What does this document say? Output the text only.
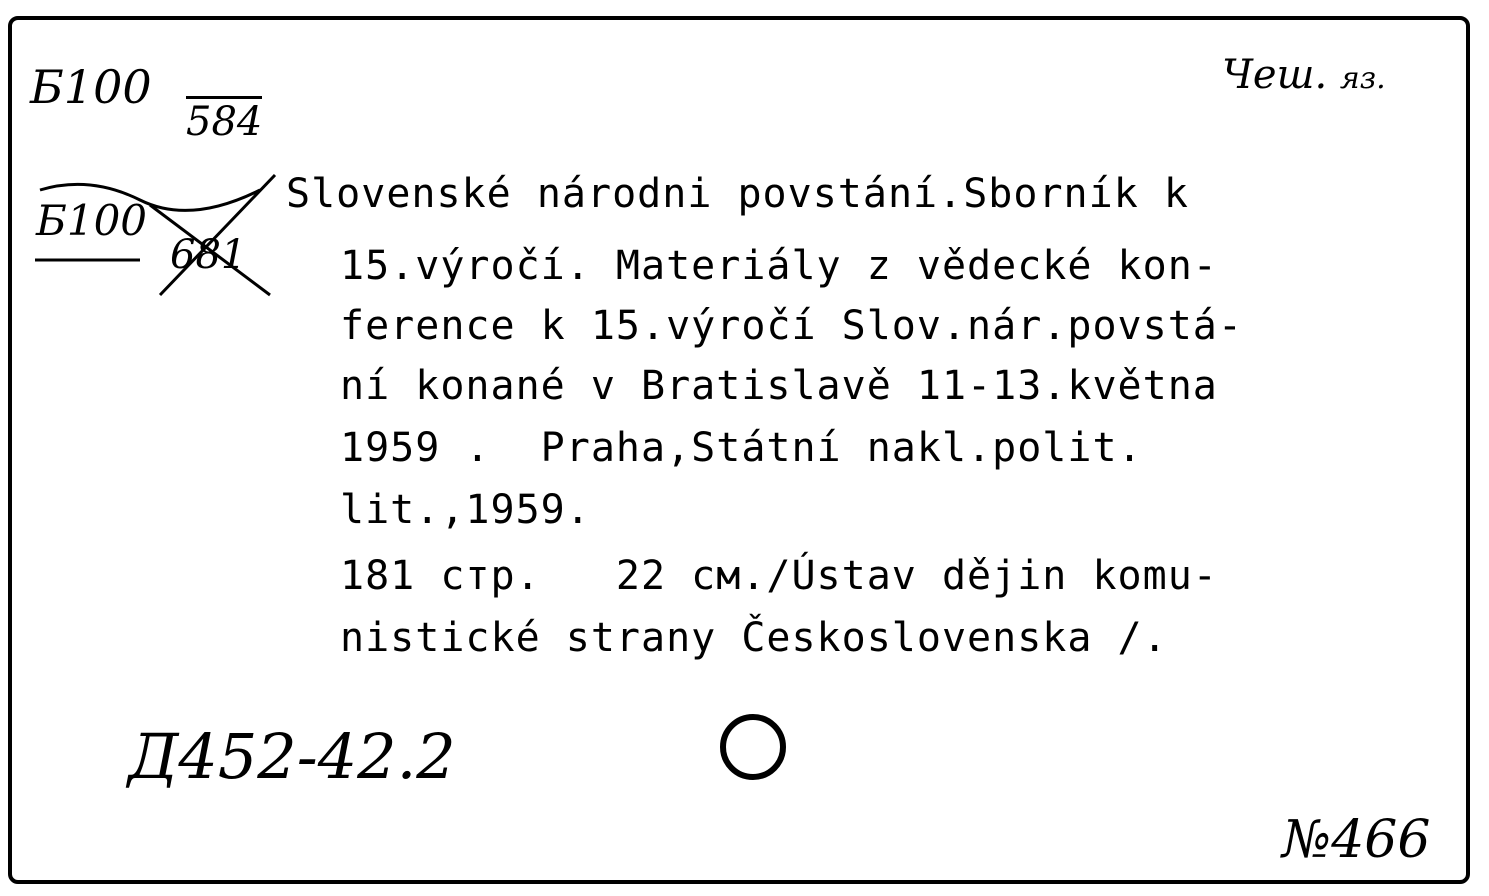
Б100
584
Чеш. яз.
Б100
681
Slovenské národni povstání.Sborník k
15.výročí. Materiály z vědecké kon-
ference k 15.výročí Slov.nár.povstá-
ní konané v Bratislavě 11-13.května
1959 .  Praha,Státní nakl.polit.
lit.,1959.
181 стр.   22 см./Ústav dějin komu-
nistické strany Československa /.
Д452-42.2
№466
